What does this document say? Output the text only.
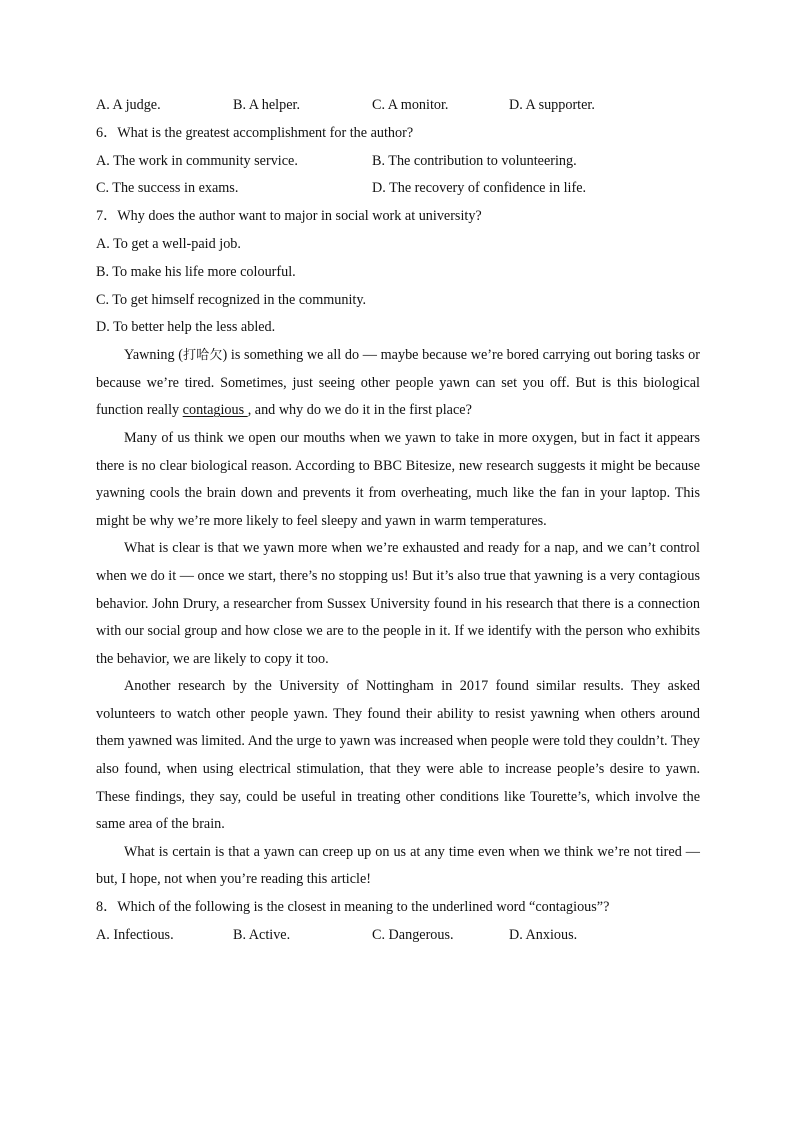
A. A judge.	B. A helper.	C. A monitor.	D. A supporter.
6．What is the greatest accomplishment for the author?
A. The work in community service.	B. The contribution to volunteering.
C. The success in exams.	D. The recovery of confidence in life.
7．Why does the author want to major in social work at university?
A. To get a well-paid job.
B. To make his life more colourful.
C. To get himself recognized in the community.
D. To better help the less abled.

Yawning (打哈欠) is something we all do — maybe because we’re bored carrying out boring tasks or because we’re tired. Sometimes, just seeing other people yawn can set you off. But is this biological function really contagious , and why do we do it in the first place?

Many of us think we open our mouths when we yawn to take in more oxygen, but in fact it appears there is no clear biological reason. According to BBC Bitesize, new research suggests it might be because yawning cools the brain down and prevents it from overheating, much like the fan in your laptop. This might be why we’re more likely to feel sleepy and yawn in warm temperatures.

What is clear is that we yawn more when we’re exhausted and ready for a nap, and we can’t control when we do it — once we start, there’s no stopping us! But it’s also true that yawning is a very contagious behavior. John Drury, a researcher from Sussex University found in his research that there is a connection with our social group and how close we are to the people in it. If we identify with the person who exhibits the behavior, we are likely to copy it too.

Another research by the University of Nottingham in 2017 found similar results. They asked volunteers to watch other people yawn. They found their ability to resist yawning when others around them yawned was limited. And the urge to yawn was increased when people were told they couldn’t. They also found, when using electrical stimulation, that they were able to increase people’s desire to yawn. These findings, they say, could be useful in treating other conditions like Tourette’s, which involve the same area of the brain.

What is certain is that a yawn can creep up on us at any time even when we think we’re not tired — but, I hope, not when you’re reading this article!

8．Which of the following is the closest in meaning to the underlined word “contagious”?
A. Infectious.	B. Active.	C. Dangerous.	D. Anxious.
